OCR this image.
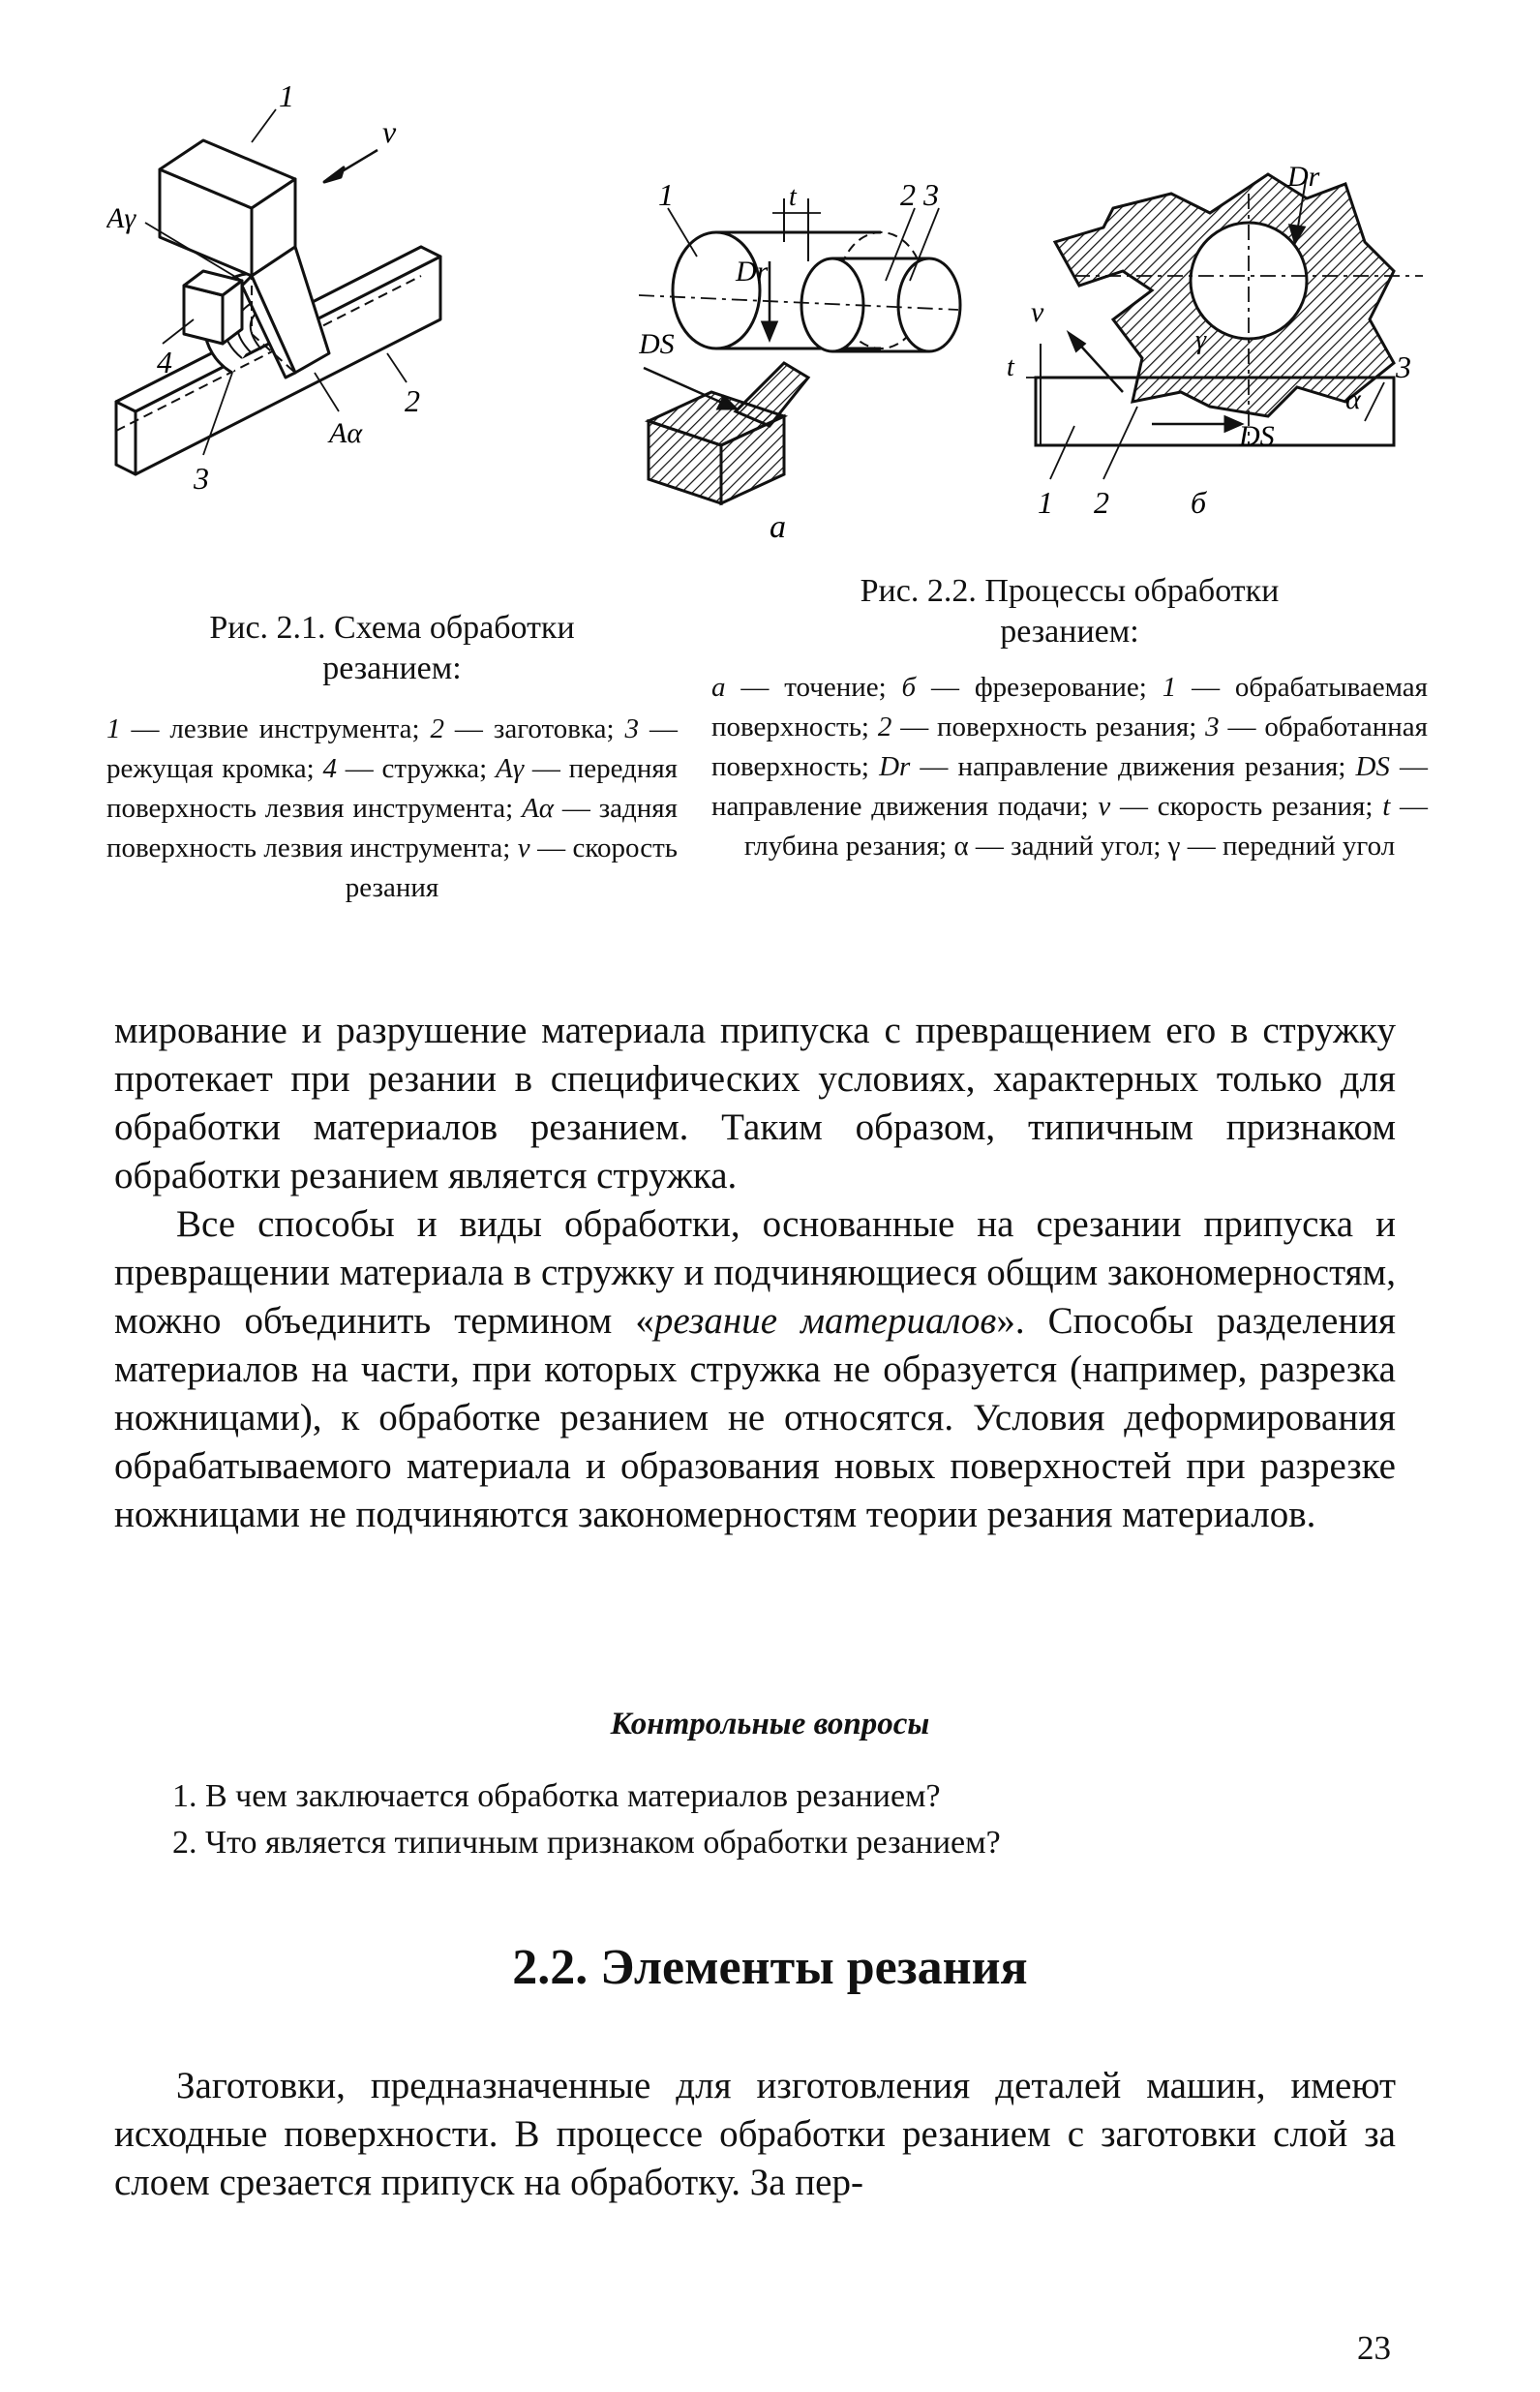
1
v
Aγ
4
2
Aα
3
Рис. 2.1. Схема обработки
резанием:
1 — лезвие инструмента; 2 — заготовка; 3 — режущая кромка; 4 — стружка; Aγ — передняя поверхность лезвия инструмента; Aα — задняя поверхность лезвия инструмента; v — скорость резания
1	2 3
t
Dr
DS
а
Dr
v
t
γ
3
α
DS
1 2	б
Рис. 2.2. Процессы обработки
резанием:
а — точение; б — фрезерование; 1 — обрабатываемая поверхность; 2 — поверхность резания; 3 — обработанная поверхность; Dr — направление движения резания; DS — направление движения подачи; v — скорость резания; t — глубина резания; α — задний угол; γ — передний угол

мирование и разрушение материала припуска с превращением его в стружку протекает при резании в специфических условиях, характерных только для обработки материалов резанием. Таким образом, типичным признаком обработки резанием является стружка.

Все способы и виды обработки, основанные на срезании припуска и превращении материала в стружку и подчиняющиеся общим закономерностям, можно объединить термином «резание материалов». Способы разделения материалов на части, при которых стружка не образуется (например, разрезка ножницами), к обработке резанием не относятся. Условия деформирования обрабатываемого материала и образования новых поверхностей при разрезке ножницами не подчиняются закономерностям теории резания материалов.

Контрольные вопросы
1. В чем заключается обработка материалов резанием?
2. Что является типичным признаком обработки резанием?
2.2. Элементы резания

Заготовки, предназначенные для изготовления деталей машин, имеют исходные поверхности. В процессе обработки резанием с заготовки слой за слоем срезается припуск на обработку. За пер-

23
